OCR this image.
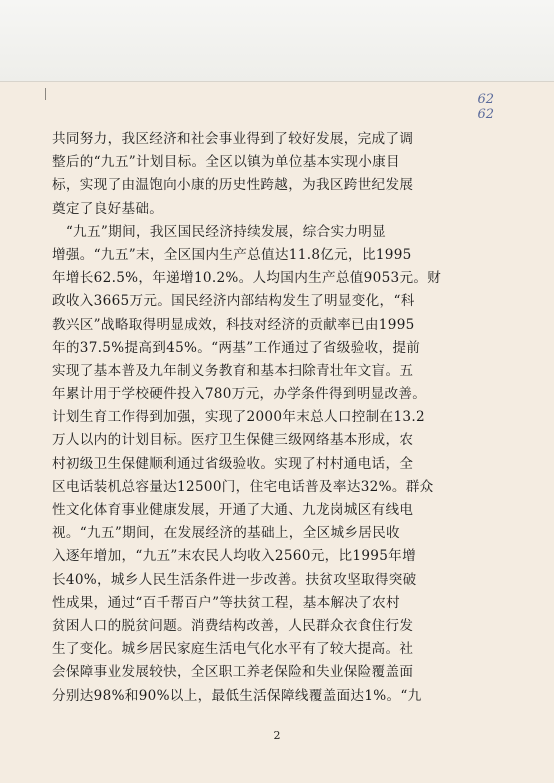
62
62
共同努力，我区经济和社会事业得到了较好发展，完成了调
整后的“九五”计划目标。全区以镇为单位基本实现小康目
标，实现了由温饱向小康的历史性跨越，为我区跨世纪发展
奠定了良好基础。
　“九五”期间，我区国民经济持续发展，综合实力明显
增强。“九五”末，全区国内生产总值达11.8亿元，比1995
年增长62.5%，年递增10.2%。人均国内生产总值9053元。财
政收入3665万元。国民经济内部结构发生了明显变化，“科
教兴区”战略取得明显成效，科技对经济的贡献率已由1995
年的37.5%提高到45%。“两基”工作通过了省级验收，提前
实现了基本普及九年制义务教育和基本扫除青壮年文盲。五
年累计用于学校硬件投入780万元，办学条件得到明显改善。
计划生育工作得到加强，实现了2000年末总人口控制在13.2
万人以内的计划目标。医疗卫生保健三级网络基本形成，农
村初级卫生保健顺利通过省级验收。实现了村村通电话，全
区电话装机总容量达12500门，住宅电话普及率达32%。群众
性文化体育事业健康发展，开通了大通、九龙岗城区有线电
视。“九五”期间，在发展经济的基础上，全区城乡居民收
入逐年增加，“九五”末农民人均收入2560元，比1995年增
长40%，城乡人民生活条件进一步改善。扶贫攻坚取得突破
性成果，通过“百千帮百户”等扶贫工程，基本解决了农村
贫困人口的脱贫问题。消费结构改善，人民群众衣食住行发
生了变化。城乡居民家庭生活电气化水平有了较大提高。社
会保障事业发展较快，全区职工养老保险和失业保险覆盖面
分别达98%和90%以上，最低生活保障线覆盖面达1%。“九
2
